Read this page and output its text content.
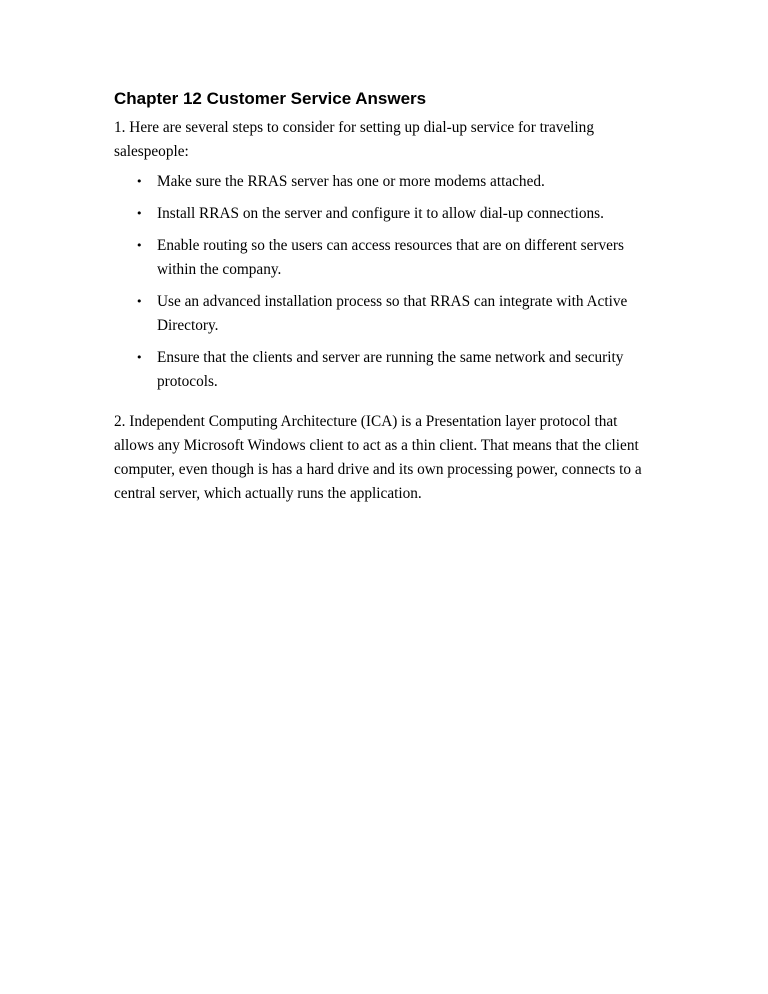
Chapter 12 Customer Service Answers

1. Here are several steps to consider for setting up dial-up service for traveling salespeople:

• Make sure the RRAS server has one or more modems attached.
• Install RRAS on the server and configure it to allow dial-up connections.
• Enable routing so the users can access resources that are on different servers within the company.
• Use an advanced installation process so that RRAS can integrate with Active Directory.
• Ensure that the clients and server are running the same network and security protocols.

2. Independent Computing Architecture (ICA) is a Presentation layer protocol that allows any Microsoft Windows client to act as a thin client. That means that the client computer, even though is has a hard drive and its own processing power, connects to a central server, which actually runs the application.
